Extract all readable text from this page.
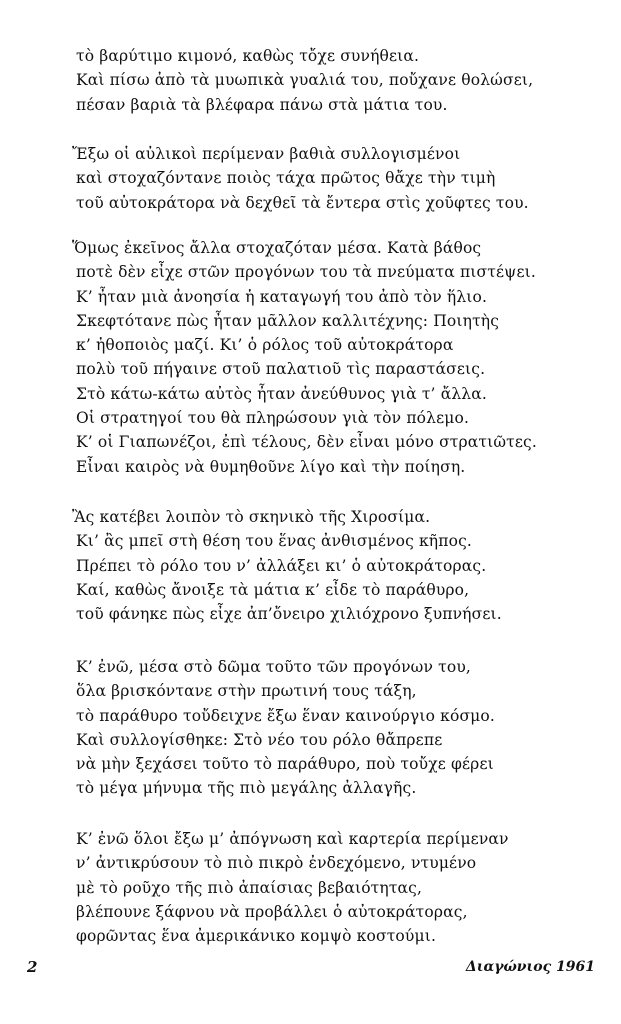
τὸ βαρύτιμο κιμονό, καθὼς τὄχε συνήθεια.
Καὶ πίσω ἀπὸ τὰ μυωπικὰ γυαλιά του, ποὔχανε θολώσει,
πέσαν βαριὰ τὰ βλέφαρα πάνω στὰ μάτια του.
Ἔξω οἱ αὐλικοὶ περίμεναν βαθιὰ συλλογισμένοι
καὶ στοχαζόντανε ποιὸς τάχα πρῶτος θἄχε τὴν τιμὴ
τοῦ αὐτοκράτορα νὰ δεχθεῖ τὰ ἔντερα στὶς χοῦφτες του.
Ὅμως ἐκεῖνος ἄλλα στοχαζόταν μέσα. Κατὰ βάθος
ποτὲ δὲν εἶχε στῶν προγόνων του τὰ πνεύματα πιστέψει.
Κ’ ἦταν μιὰ ἀνοησία ἡ καταγωγή του ἀπὸ τὸν ἥλιο.
Σκεφτότανε πὼς ἦταν μᾶλλον καλλιτέχνης: Ποιητὴς
κ’ ἠθοποιὸς μαζί. Κι’ ὁ ρόλος τοῦ αὐτοκράτορα
πολὺ τοῦ πήγαινε στοῦ παλατιοῦ τὶς παραστάσεις.
Στὸ κάτω-κάτω αὐτὸς ἦταν ἀνεύθυνος γιὰ τ’ ἄλλα.
Οἱ στρατηγοί του θὰ πληρώσουν γιὰ τὸν πόλεμο.
Κ’ οἱ Γιαπωνέζοι, ἐπὶ τέλους, δὲν εἶναι μόνο στρατιῶτες.
Εἶναι καιρὸς νὰ θυμηθοῦνε λίγο καὶ τὴν ποίηση.
Ἂς κατέβει λοιπὸν τὸ σκηνικὸ τῆς Χιροσίμα.
Κι’ ἂς μπεῖ στὴ θέση του ἕνας ἀνθισμένος κῆπος.
Πρέπει τὸ ρόλο του ν’ ἀλλάξει κι’ ὁ αὐτοκράτορας.
Καί, καθὼς ἄνοιξε τὰ μάτια κ’ εἶδε τὸ παράθυρο,
τοῦ φάνηκε πὼς εἶχε ἀπ’ὄνειρο χιλιόχρονο ξυπνήσει.
Κ’ ἐνῶ, μέσα στὸ δῶμα τοῦτο τῶν προγόνων του,
ὅλα βρισκόντανε στὴν πρωτινή τους τάξη,
τὸ παράθυρο τοὔδειχνε ἔξω ἕναν καινούργιο κόσμο.
Καὶ συλλογίσθηκε: Στὸ νέο του ρόλο θἄπρεπε
νὰ μὴν ξεχάσει τοῦτο τὸ παράθυρο, ποὺ τοὔχε φέρει
τὸ μέγα μήνυμα τῆς πιὸ μεγάλης ἀλλαγῆς.
Κ’ ἐνῶ ὅλοι ἔξω μ’ ἀπόγνωση καὶ καρτερία περίμεναν
ν’ ἀντικρύσουν τὸ πιὸ πικρὸ ἐνδεχόμενο, ντυμένο
μὲ τὸ ροῦχο τῆς πιὸ ἀπαίσιας βεβαιότητας,
βλέπουνε ξάφνου νὰ προβάλλει ὁ αὐτοκράτορας,
φορῶντας ἕνα ἀμερικάνικο κομψὸ κοστούμι.
2	Διαγώνιος 1961
